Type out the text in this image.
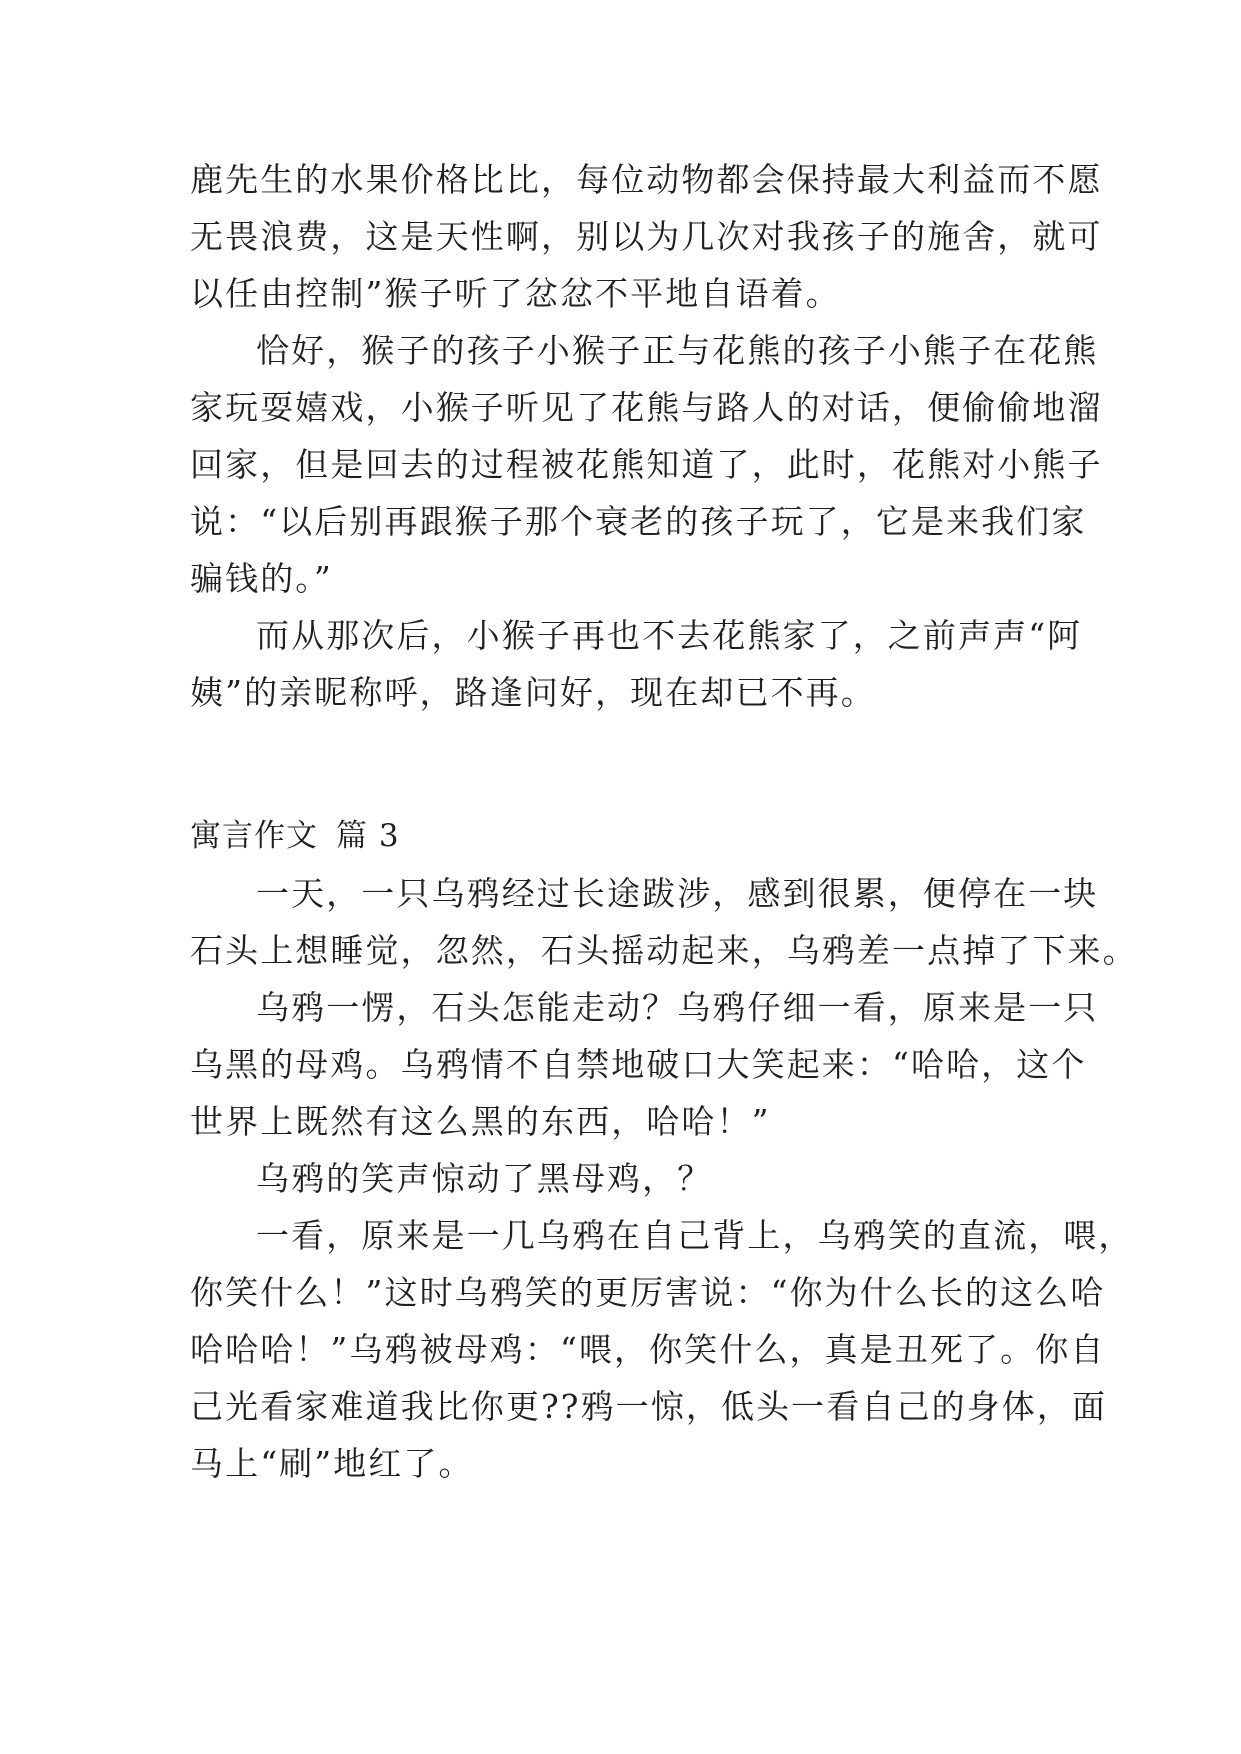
鹿先生的水果价格比比，每位动物都会保持最大利益而不愿
无畏浪费，这是天性啊，别以为几次对我孩子的施舍，就可
以任由控制”猴子听了忿忿不平地自语着。
恰好，猴子的孩子小猴子正与花熊的孩子小熊子在花熊
家玩耍嬉戏，小猴子听见了花熊与路人的对话，便偷偷地溜
回家，但是回去的过程被花熊知道了，此时，花熊对小熊子
说：“以后别再跟猴子那个衰老的孩子玩了，它是来我们家
骗钱的。”
而从那次后，小猴子再也不去花熊家了，之前声声“阿
姨”的亲昵称呼，路逢问好，现在却已不再。
寓言作文 篇 3
一天，一只乌鸦经过长途跋涉，感到很累，便停在一块
石头上想睡觉，忽然，石头摇动起来，乌鸦差一点掉了下来。
乌鸦一愣，石头怎能走动？乌鸦仔细一看，原来是一只
乌黑的母鸡。乌鸦情不自禁地破口大笑起来：“哈哈，这个
世界上既然有这么黑的东西，哈哈！”
乌鸦的笑声惊动了黑母鸡，？
一看，原来是一几乌鸦在自己背上，乌鸦笑的直流，喂，
你笑什么！”这时乌鸦笑的更厉害说：“你为什么长的这么哈
哈哈哈！”乌鸦被母鸡：“喂，你笑什么，真是丑死了。你自
己光看家难道我比你更??鸦一惊，低头一看自己的身体，面
马上“刷”地红了。
